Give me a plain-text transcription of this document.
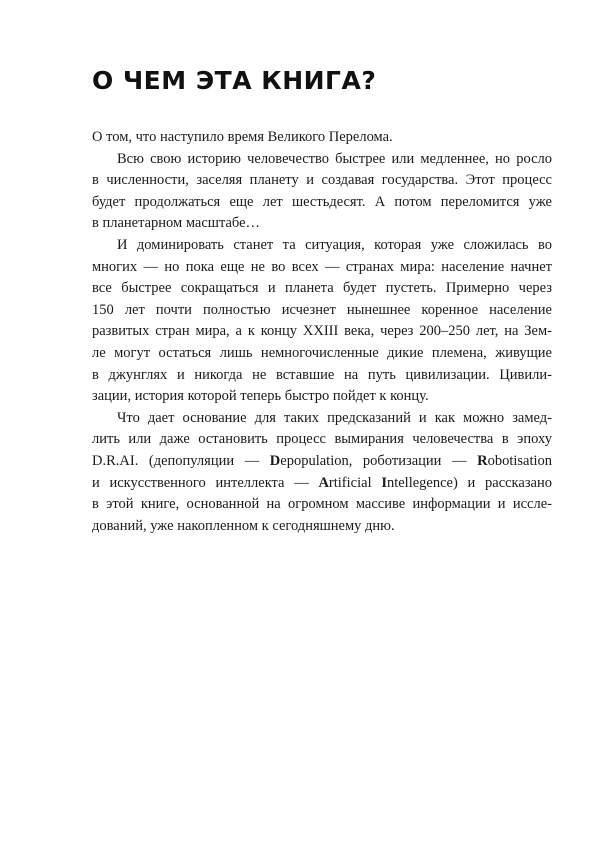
О ЧЕМ ЭТА КНИГА?
О том, что наступило время Великого Перелома.
Всю свою историю человечество быстрее или медленнее, но росло
в численности, заселяя планету и создавая государства. Этот процесс
будет продолжаться еще лет шестьдесят. А потом переломится уже
в планетарном масштабе…
И доминировать станет та ситуация, которая уже сложилась во
многих — но пока еще не во всех — странах мира: население начнет
все быстрее сокращаться и планета будет пустеть. Примерно через
150 лет почти полностью исчезнет нынешнее коренное население
развитых стран мира, а к концу XXIII века, через 200–250 лет, на Зем-
ле могут остаться лишь немногочисленные дикие племена, живущие
в джунглях и никогда не вставшие на путь цивилизации. Цивили-
зации, история которой теперь быстро пойдет к концу.
Что дает основание для таких предсказаний и как можно замед-
лить или даже остановить процесс вымирания человечества в эпоху
D.R.AI. (депопуляции — Depopulation, роботизации — Robotisation
и искусственного интеллекта — Artificial Intellegence) и рассказано
в этой книге, основанной на огромном массиве информации и иссле-
дований, уже накопленном к сегодняшнему дню.
